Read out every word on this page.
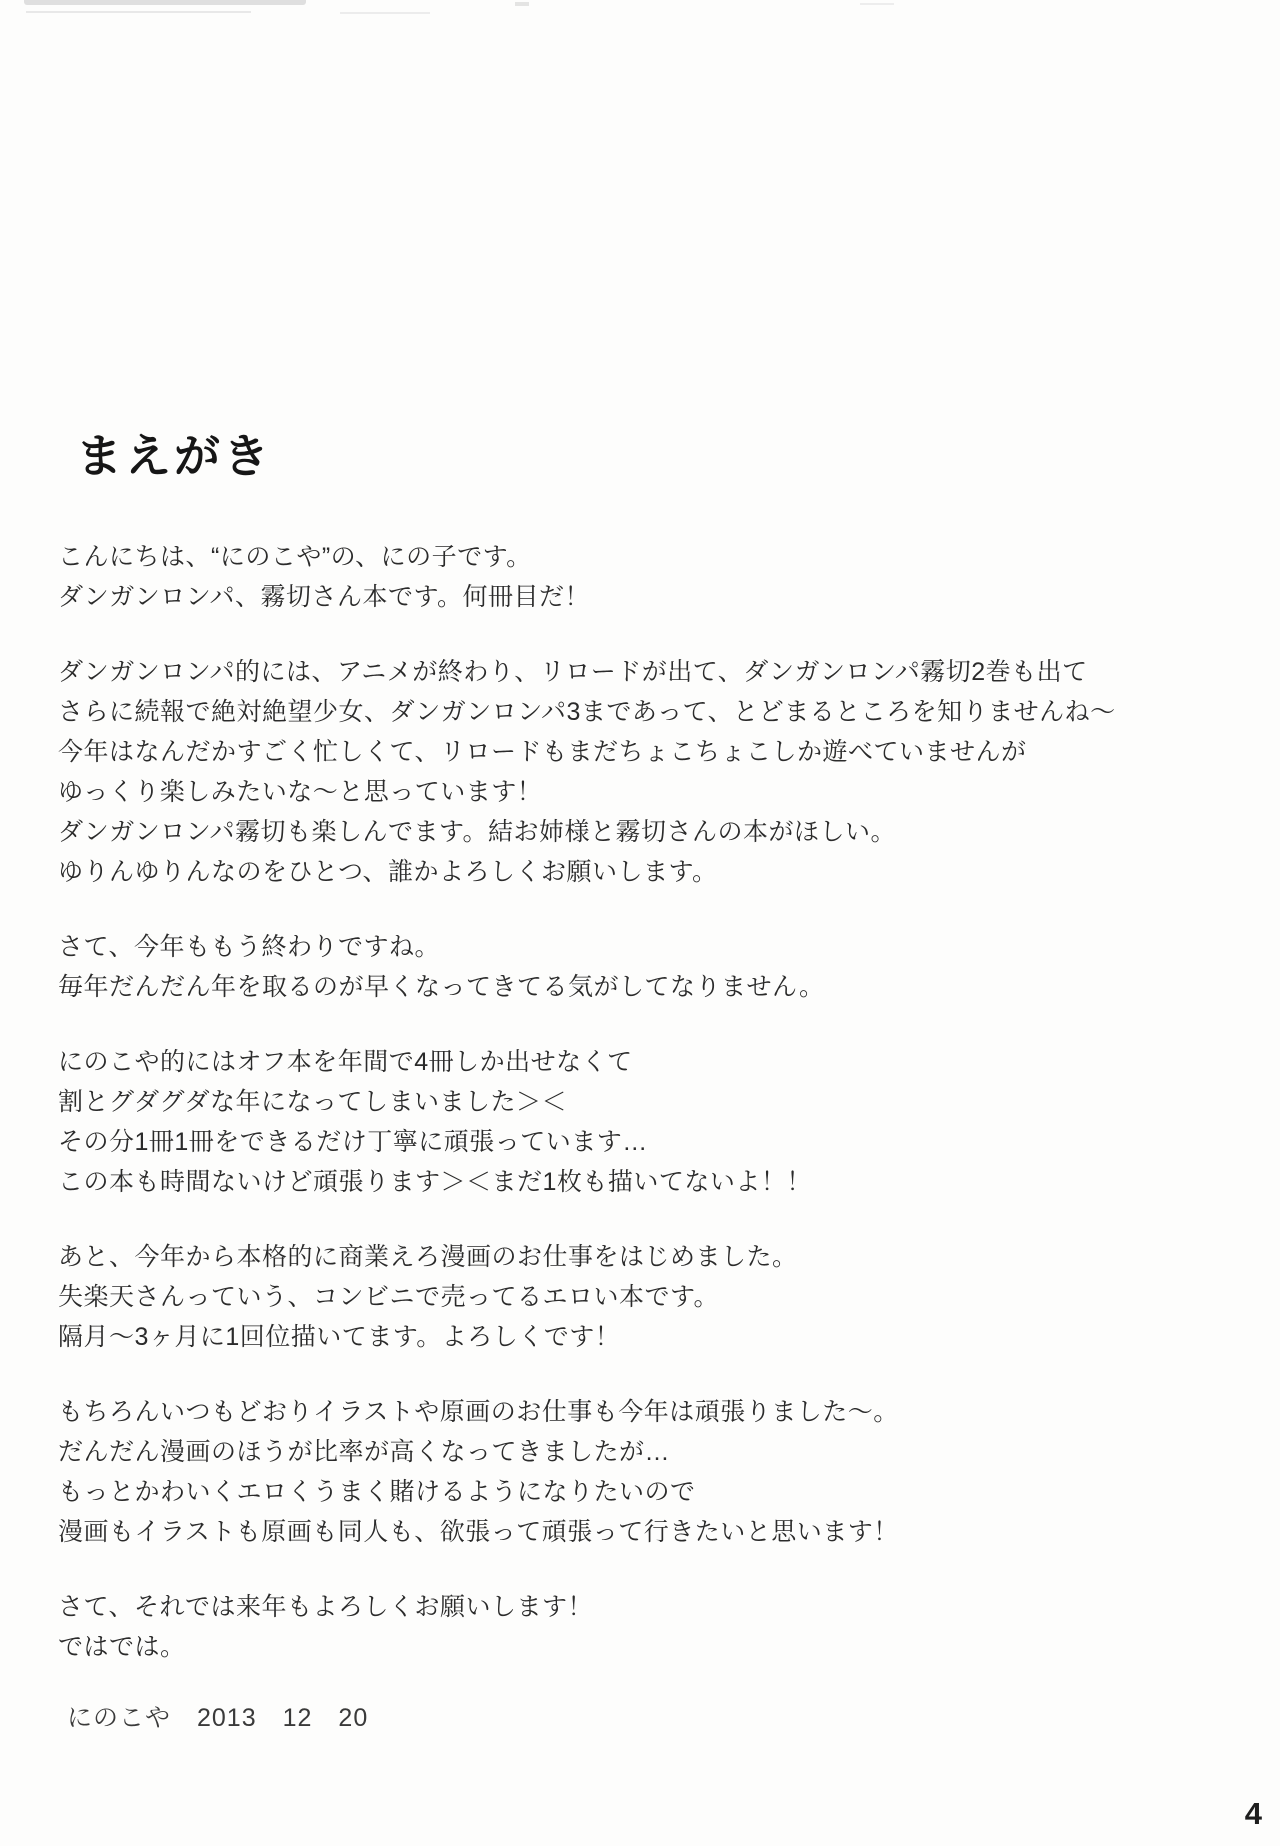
まえがき

こんにちは、“にのこや”の、にの子です。
ダンガンロンパ、霧切さん本です。何冊目だ！

ダンガンロンパ的には、アニメが終わり、リロードが出て、ダンガンロンパ霧切2巻も出て
さらに続報で絶対絶望少女、ダンガンロンパ3まであって、とどまるところを知りませんね～
今年はなんだかすごく忙しくて、リロードもまだちょこちょこしか遊べていませんが
ゆっくり楽しみたいな～と思っています！
ダンガンロンパ霧切も楽しんでます。結お姉様と霧切さんの本がほしい。
ゆりんゆりんなのをひとつ、誰かよろしくお願いします。

さて、今年ももう終わりですね。
毎年だんだん年を取るのが早くなってきてる気がしてなりません。

にのこや的にはオフ本を年間で4冊しか出せなくて
割とグダグダな年になってしまいました＞＜
その分1冊1冊をできるだけ丁寧に頑張っています…
この本も時間ないけど頑張ります＞＜まだ1枚も描いてないよ！！

あと、今年から本格的に商業えろ漫画のお仕事をはじめました。
失楽天さんっていう、コンビニで売ってるエロい本です。
隔月～3ヶ月に1回位描いてます。よろしくです！

もちろんいつもどおりイラストや原画のお仕事も今年は頑張りました～。
だんだん漫画のほうが比率が高くなってきましたが…
もっとかわいくエロくうまく賭けるようになりたいので
漫画もイラストも原画も同人も、欲張って頑張って行きたいと思います！

さて、それでは来年もよろしくお願いします！
ではでは。

にのこや　2013　12　20
4
